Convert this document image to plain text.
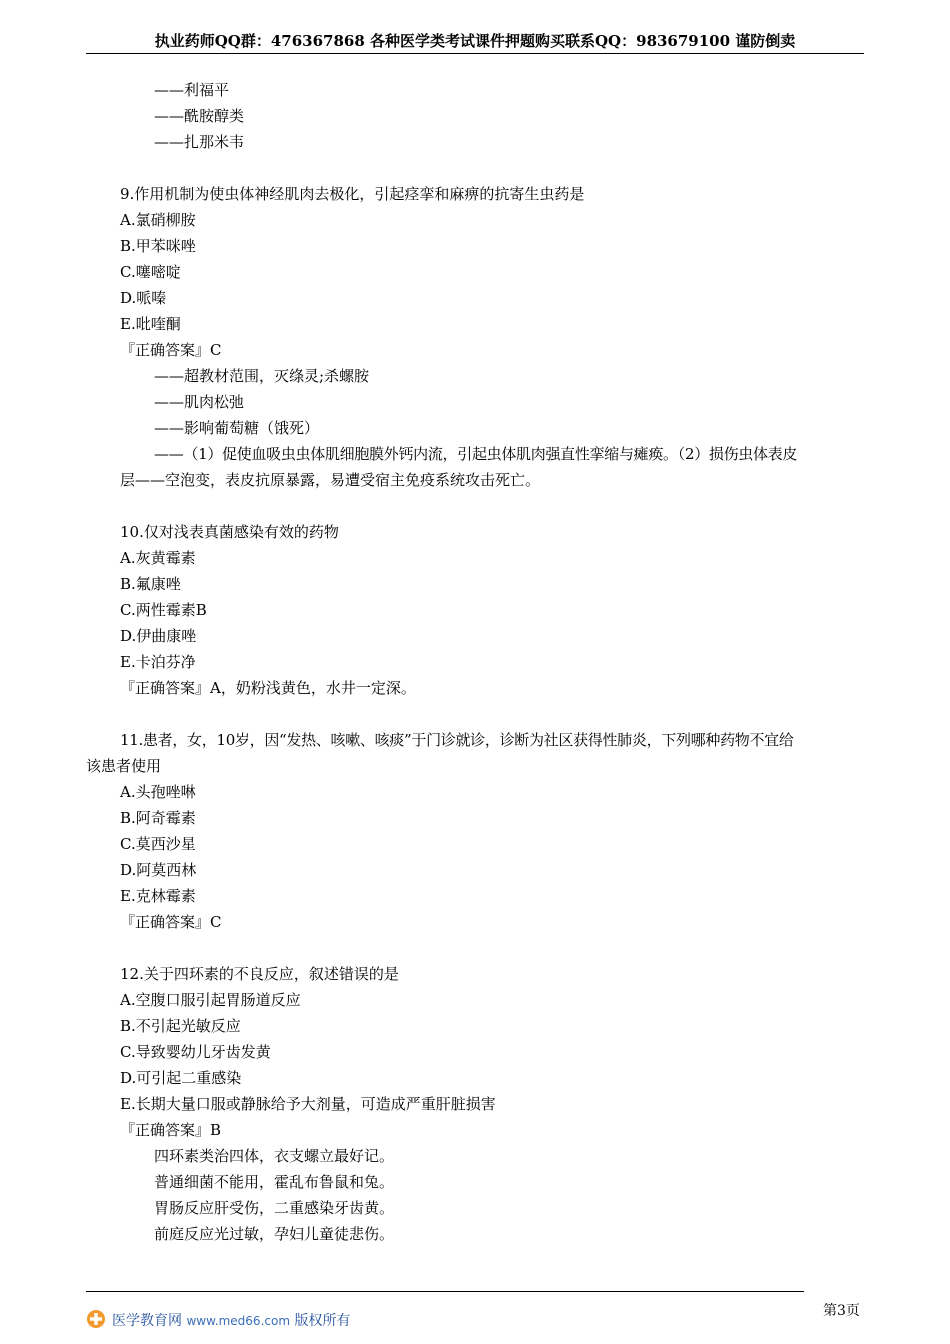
执业药师QQ群：476367868 各种医学类考试课件押题购买联系QQ：983679100 谨防倒卖
——利福平
——酰胺醇类
——扎那米韦
9.作用机制为使虫体神经肌肉去极化，引起痉挛和麻痹的抗寄生虫药是
A.氯硝柳胺
B.甲苯咪唑
C.噻嘧啶
D.哌嗪
E.吡喹酮
『正确答案』C
——超教材范围，灭绦灵;杀螺胺
——肌肉松弛
——影响葡萄糖（饿死）
——（1）促使血吸虫虫体肌细胞膜外钙内流，引起虫体肌肉强直性挛缩与瘫痪。（2）损伤虫体表皮
层——空泡变，表皮抗原暴露，易遭受宿主免疫系统攻击死亡。
10.仅对浅表真菌感染有效的药物
A.灰黄霉素
B.氟康唑
C.两性霉素B
D.伊曲康唑
E.卡泊芬净
『正确答案』A，奶粉浅黄色，水井一定深。
11.患者，女，10岁，因“发热、咳嗽、咳痰”于门诊就诊，诊断为社区获得性肺炎，下列哪种药物不宜给
该患者使用
A.头孢唑啉
B.阿奇霉素
C.莫西沙星
D.阿莫西林
E.克林霉素
『正确答案』C
12.关于四环素的不良反应，叙述错误的是
A.空腹口服引起胃肠道反应
B.不引起光敏反应
C.导致婴幼儿牙齿发黄
D.可引起二重感染
E.长期大量口服或静脉给予大剂量，可造成严重肝脏损害
『正确答案』B
四环素类治四体，衣支螺立最好记。
普通细菌不能用，霍乱布鲁鼠和兔。
胃肠反应肝受伤，二重感染牙齿黄。
前庭反应光过敏，孕妇儿童徒悲伤。
第3页
医学教育网 www.med66.com 版权所有
